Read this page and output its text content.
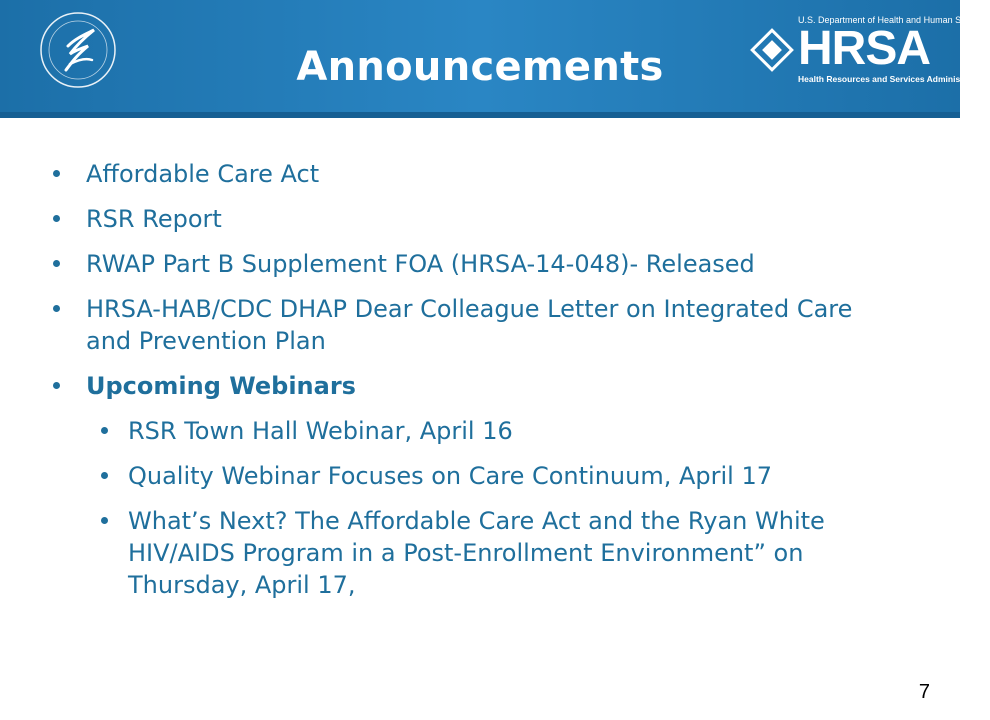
Announcements
U.S. Department of Health and Human Services
HRSA
Health Resources and Services Administration
Affordable Care Act
RSR Report
RWAP Part B Supplement FOA (HRSA-14-048)- Released
HRSA-HAB/CDC DHAP Dear Colleague Letter on Integrated Care and Prevention Plan
Upcoming Webinars
RSR Town Hall Webinar, April 16
Quality Webinar Focuses on Care Continuum, April 17
What’s Next? The Affordable Care Act and the Ryan White HIV/AIDS Program in a Post-Enrollment Environment” on Thursday, April 17,
7
